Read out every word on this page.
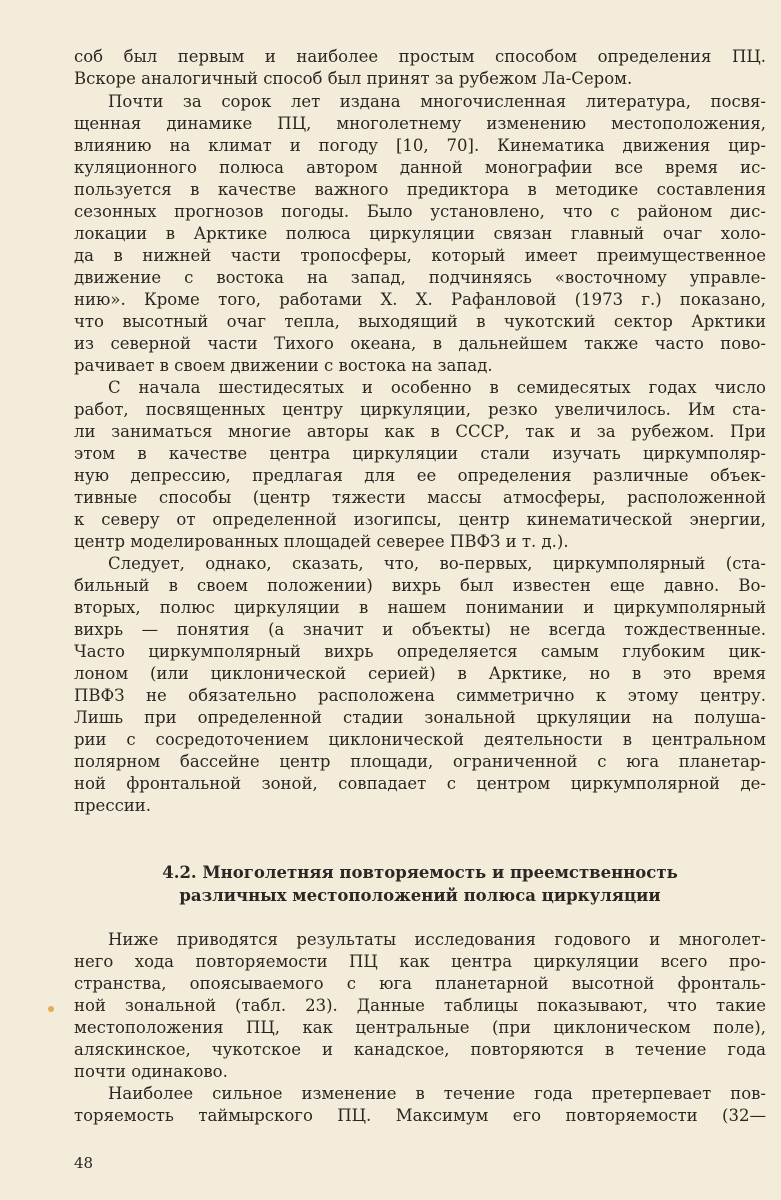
соб был первым и наиболее простым способом определения ПЦ.
Вскоре аналогичный способ был принят за рубежом Ла-Сером.
Почти за сорок лет издана многочисленная литература, посвя-
щенная динамике ПЦ, многолетнему изменению местоположения,
влиянию на климат и погоду [10, 70]. Кинематика движения цир-
куляционного полюса автором данной монографии все время ис-
пользуется в качестве важного предиктора в методике составления
сезонных прогнозов погоды. Было установлено, что с районом дис-
локации в Арктике полюса циркуляции связан главный очаг холо-
да в нижней части тропосферы, который имеет преимущественное
движение с востока на запад, подчиняясь «восточному управле-
нию». Кроме того, работами Х. Х. Рафанловой (1973 г.) показано,
что высотный очаг тепла, выходящий в чукотский сектор Арктики
из северной части Тихого океана, в дальнейшем также часто пово-
рачивает в своем движении с востока на запад.
С начала шестидесятых и особенно в семидесятых годах число
работ, посвященных центру циркуляции, резко увеличилось. Им ста-
ли заниматься многие авторы как в СССР, так и за рубежом. При
этом в качестве центра циркуляции стали изучать циркумполяр-
ную депрессию, предлагая для ее определения различные объек-
тивные способы (центр тяжести массы атмосферы, расположенной
к северу от определенной изогипсы, центр кинематической энергии,
центр моделированных площадей северее ПВФЗ и т. д.).
Следует, однако, сказать, что, во-первых, циркумполярный (ста-
бильный в своем положении) вихрь был известен еще давно. Во-
вторых, полюс циркуляции в нашем понимании и циркумполярный
вихрь — понятия (а значит и объекты) не всегда тождественные.
Часто циркумполярный вихрь определяется самым глубоким цик-
лоном (или циклонической серией) в Арктике, но в это время
ПВФЗ не обязательно расположена симметрично к этому центру.
Лишь при определенной стадии зональной цркуляции на полуша-
рии с сосредоточением циклонической деятельности в центральном
полярном бассейне центр площади, ограниченной с юга планетар-
ной фронтальной зоной, совпадает с центром циркумполярной де-
прессии.
4.2. Многолетняя повторяемость и преемственность
различных местоположений полюса циркуляции
Ниже приводятся результаты исследования годового и многолет-
него хода повторяемости ПЦ как центра циркуляции всего про-
странства, опоясываемого с юга планетарной высотной фронталь-
ной зональной (табл. 23). Данные таблицы показывают, что такие
местоположения ПЦ, как центральные (при циклоническом поле),
аляскинское, чукотское и канадское, повторяются в течение года
почти одинаково.
Наиболее сильное изменение в течение года претерпевает пов-
торяемость таймырского ПЦ. Максимум его повторяемости (32—
48
